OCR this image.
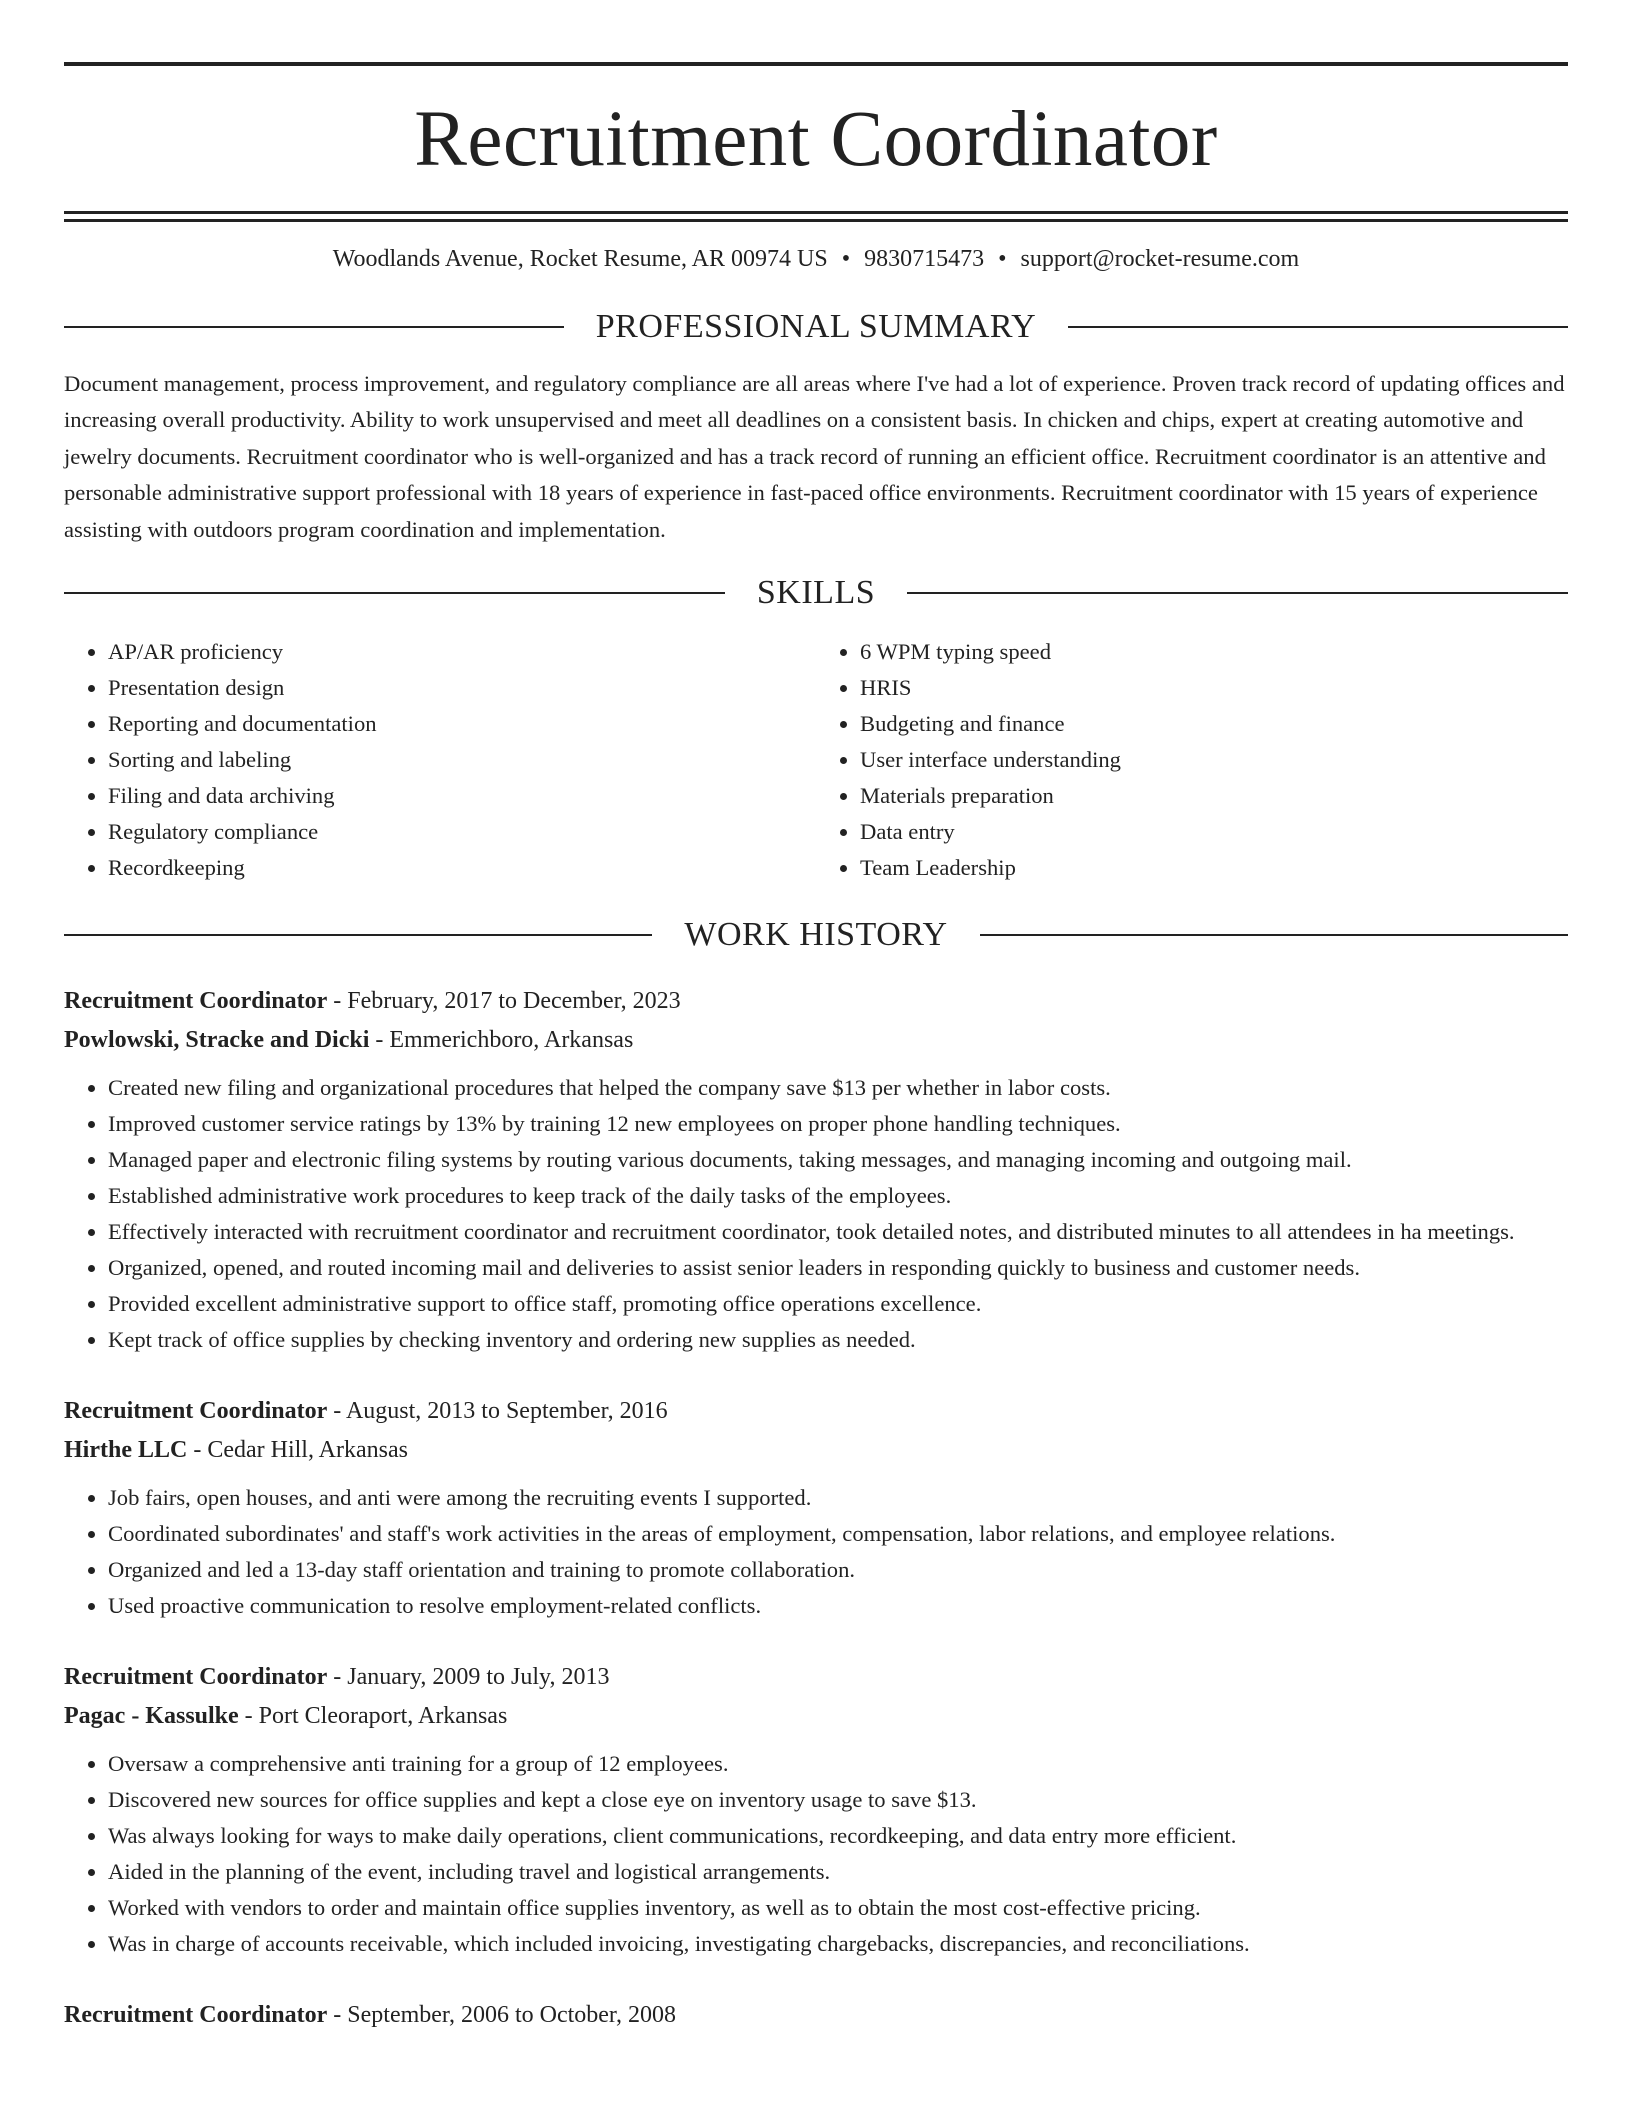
Recruitment Coordinator
Woodlands Avenue, Rocket Resume, AR 00974 US • 9830715473 • support@rocket-resume.com
PROFESSIONAL SUMMARY

Document management, process improvement, and regulatory compliance are all areas where I've had a lot of experience. Proven track record of updating offices and increasing overall productivity. Ability to work unsupervised and meet all deadlines on a consistent basis. In chicken and chips, expert at creating automotive and jewelry documents. Recruitment coordinator who is well-organized and has a track record of running an efficient office. Recruitment coordinator is an attentive and personable administrative support professional with 18 years of experience in fast-paced office environments. Recruitment coordinator with 15 years of experience assisting with outdoors program coordination and implementation.

SKILLS
• AP/AR proficiency
• Presentation design
• Reporting and documentation
• Sorting and labeling
• Filing and data archiving
• Regulatory compliance
• Recordkeeping
• 6 WPM typing speed
• HRIS
• Budgeting and finance
• User interface understanding
• Materials preparation
• Data entry
• Team Leadership
WORK HISTORY
Recruitment Coordinator - February, 2017 to December, 2023
Powlowski, Stracke and Dicki - Emmerichboro, Arkansas
• Created new filing and organizational procedures that helped the company save $13 per whether in labor costs.
• Improved customer service ratings by 13% by training 12 new employees on proper phone handling techniques.
• Managed paper and electronic filing systems by routing various documents, taking messages, and managing incoming and outgoing mail.
• Established administrative work procedures to keep track of the daily tasks of the employees.
• Effectively interacted with recruitment coordinator and recruitment coordinator, took detailed notes, and distributed minutes to all attendees in ha meetings.
• Organized, opened, and routed incoming mail and deliveries to assist senior leaders in responding quickly to business and customer needs.
• Provided excellent administrative support to office staff, promoting office operations excellence.
• Kept track of office supplies by checking inventory and ordering new supplies as needed.
Recruitment Coordinator - August, 2013 to September, 2016
Hirthe LLC - Cedar Hill, Arkansas
• Job fairs, open houses, and anti were among the recruiting events I supported.
• Coordinated subordinates' and staff's work activities in the areas of employment, compensation, labor relations, and employee relations.
• Organized and led a 13-day staff orientation and training to promote collaboration.
• Used proactive communication to resolve employment-related conflicts.
Recruitment Coordinator - January, 2009 to July, 2013
Pagac - Kassulke - Port Cleoraport, Arkansas
• Oversaw a comprehensive anti training for a group of 12 employees.
• Discovered new sources for office supplies and kept a close eye on inventory usage to save $13.
• Was always looking for ways to make daily operations, client communications, recordkeeping, and data entry more efficient.
• Aided in the planning of the event, including travel and logistical arrangements.
• Worked with vendors to order and maintain office supplies inventory, as well as to obtain the most cost-effective pricing.
• Was in charge of accounts receivable, which included invoicing, investigating chargebacks, discrepancies, and reconciliations.
Recruitment Coordinator - September, 2006 to October, 2008
